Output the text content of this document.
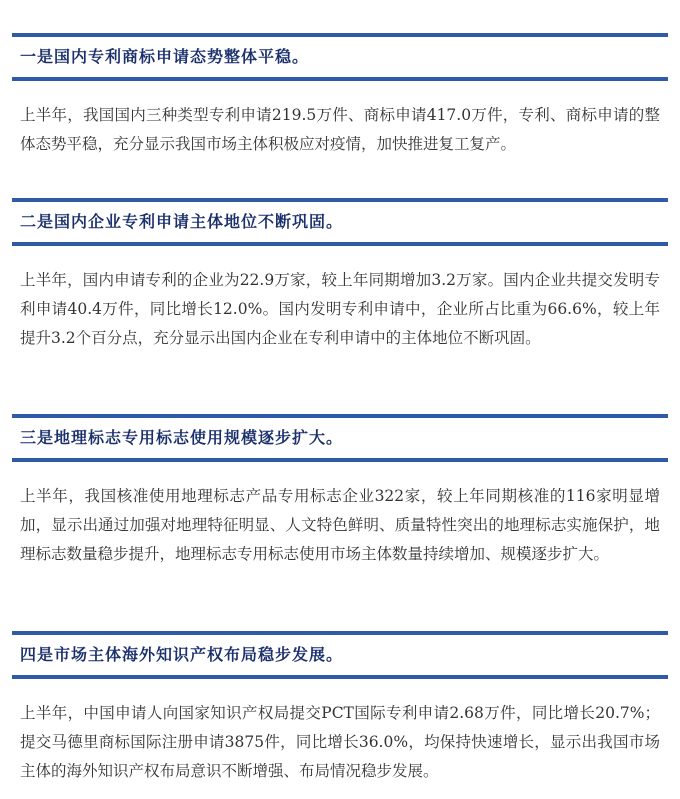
一是国内专利商标申请态势整体平稳。

上半年，我国国内三种类型专利申请219.5万件、商标申请417.0万件，专利、商标申请的整体态势平稳，充分显示我国市场主体积极应对疫情，加快推进复工复产。

二是国内企业专利申请主体地位不断巩固。

上半年，国内申请专利的企业为22.9万家，较上年同期增加3.2万家。国内企业共提交发明专利申请40.4万件，同比增长12.0%。国内发明专利申请中，企业所占比重为66.6%，较上年提升3.2个百分点，充分显示出国内企业在专利申请中的主体地位不断巩固。

三是地理标志专用标志使用规模逐步扩大。

上半年，我国核准使用地理标志产品专用标志企业322家，较上年同期核准的116家明显增加，显示出通过加强对地理特征明显、人文特色鲜明、质量特性突出的地理标志实施保护，地理标志数量稳步提升，地理标志专用标志使用市场主体数量持续增加、规模逐步扩大。

四是市场主体海外知识产权布局稳步发展。

上半年，中国申请人向国家知识产权局提交PCT国际专利申请2.68万件，同比增长20.7%；提交马德里商标国际注册申请3875件，同比增长36.0%，均保持快速增长，显示出我国市场主体的海外知识产权布局意识不断增强、布局情况稳步发展。
